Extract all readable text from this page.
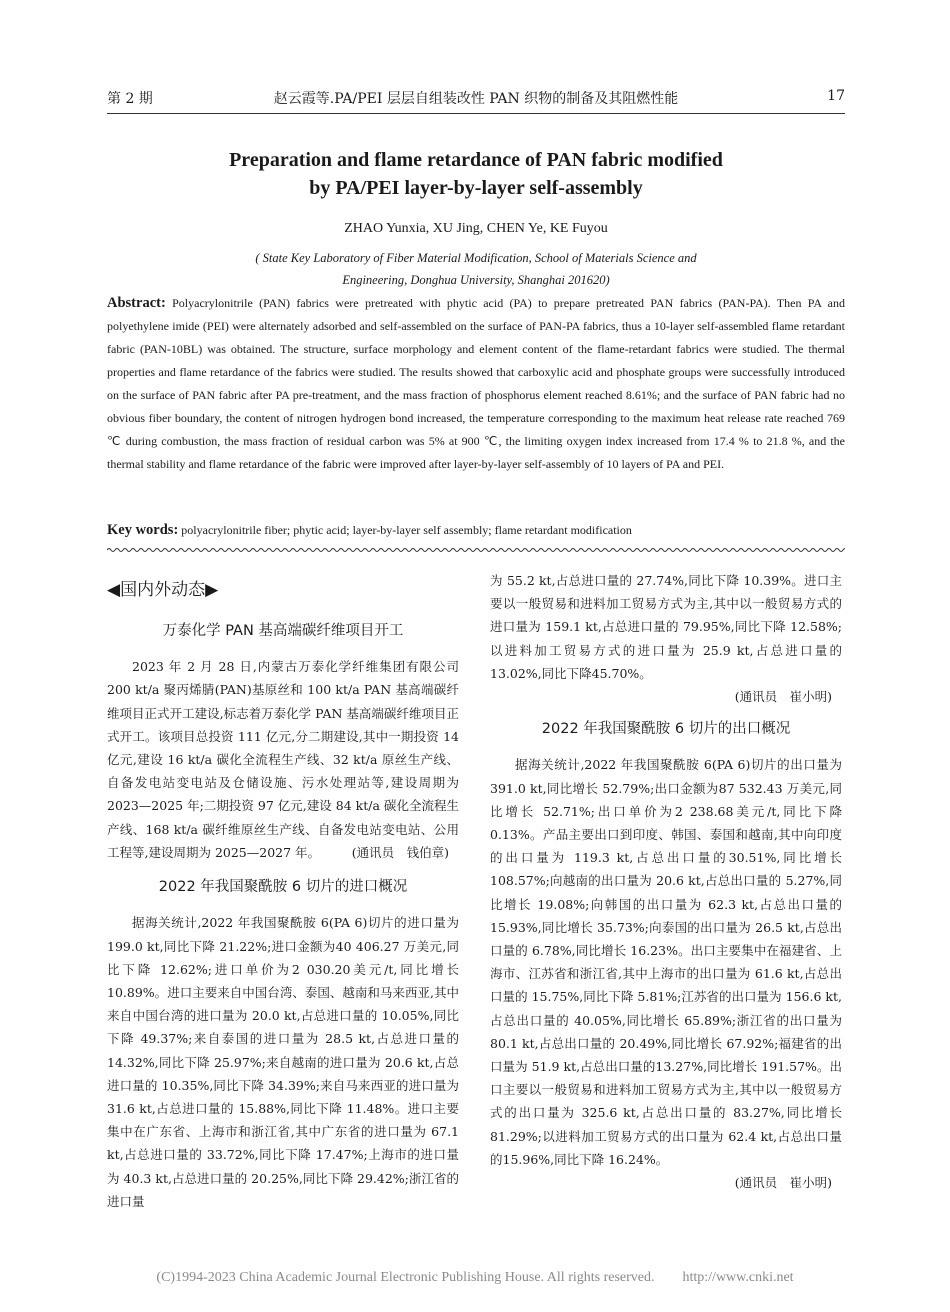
第 2 期	赵云霞等.PA/PEI 层层自组装改性 PAN 织物的制备及其阻燃性能	17
Preparation and flame retardance of PAN fabric modified
by PA/PEI layer-by-layer self-assembly
ZHAO Yunxia, XU Jing, CHEN Ye, KE Fuyou
( State Key Laboratory of Fiber Material Modification, School of Materials Science and
Engineering, Donghua University, Shanghai 201620)
Abstract: Polyacrylonitrile (PAN) fabrics were pretreated with phytic acid (PA) to prepare pretreated PAN fabrics (PAN-PA). Then PA and polyethylene imide (PEI) were alternately adsorbed and self-assembled on the surface of PAN-PA fabrics, thus a 10-layer self-assembled flame retardant fabric (PAN-10BL) was obtained. The structure, surface morphology and element content of the flame-retardant fabrics were studied. The thermal properties and flame retardance of the fabrics were studied. The results showed that carboxylic acid and phosphate groups were successfully introduced on the surface of PAN fabric after PA pre-treatment, and the mass fraction of phosphorus element reached 8.61%; and the surface of PAN fabric had no obvious fiber boundary, the content of nitrogen hydrogen bond increased, the temperature corresponding to the maximum heat release rate reached 769 ℃ during combustion, the mass fraction of residual carbon was 5% at 900 ℃, the limiting oxygen index increased from 17.4 % to 21.8 %, and the thermal stability and flame retardance of the fabric were improved after layer-by-layer self-assembly of 10 layers of PA and PEI.
Key words: polyacrylonitrile fiber; phytic acid; layer-by-layer self assembly; flame retardant modification
◀国内外动态▶
万泰化学 PAN 基高端碳纤维项目开工

2023 年 2 月 28 日,内蒙古万泰化学纤维集团有限公司 200 kt/a 聚丙烯腈(PAN)基原丝和 100 kt/a PAN 基高端碳纤维项目正式开工建设,标志着万泰化学 PAN 基高端碳纤维项目正式开工。该项目总投资 111 亿元,分二期建设,其中一期投资 14 亿元,建设 16 kt/a 碳化全流程生产线、32 kt/a 原丝生产线、自备发电站变电站及仓储设施、污水处理站等,建设周期为 2023—2025 年;二期投资 97 亿元,建设 84 kt/a 碳化全流程生产线、168 kt/a 碳纤维原丝生产线、自备发电站变电站、公用工程等,建设周期为 2025—2027 年。	(通讯员　钱伯章)

2022 年我国聚酰胺 6 切片的进口概况

据海关统计,2022 年我国聚酰胺 6(PA 6)切片的进口量为 199.0 kt,同比下降 21.22%;进口金额为40 406.27 万美元,同比下降 12.62%;进口单价为2 030.20美元/t,同比增长 10.89%。进口主要来自中国台湾、泰国、越南和马来西亚,其中来自中国台湾的进口量为 20.0 kt,占总进口量的 10.05%,同比下降 49.37%;来自泰国的进口量为 28.5 kt,占总进口量的 14.32%,同比下降 25.97%;来自越南的进口量为 20.6 kt,占总进口量的 10.35%,同比下降 34.39%;来自马来西亚的进口量为 31.6 kt,占总进口量的 15.88%,同比下降 11.48%。进口主要集中在广东省、上海市和浙江省,其中广东省的进口量为 67.1 kt,占总进口量的 33.72%,同比下降 17.47%;上海市的进口量为 40.3 kt,占总进口量的 20.25%,同比下降 29.42%;浙江省的进口量

为 55.2 kt,占总进口量的 27.74%,同比下降 10.39%。进口主要以一般贸易和进料加工贸易方式为主,其中以一般贸易方式的进口量为 159.1 kt,占总进口量的 79.95%,同比下降 12.58%;以进料加工贸易方式的进口量为 25.9 kt,占总进口量的13.02%,同比下降45.70%。

(通讯员　崔小明)

2022 年我国聚酰胺 6 切片的出口概况

据海关统计,2022 年我国聚酰胺 6(PA 6)切片的出口量为 391.0 kt,同比增长 52.79%;出口金额为87 532.43 万美元,同比增长 52.71%;出口单价为2 238.68美元/t,同比下降 0.13%。产品主要出口到印度、韩国、泰国和越南,其中向印度的出口量为 119.3 kt,占总出口量的30.51%,同比增长 108.57%;向越南的出口量为 20.6 kt,占总出口量的 5.27%,同比增长 19.08%;向韩国的出口量为 62.3 kt,占总出口量的 15.93%,同比增长 35.73%;向泰国的出口量为 26.5 kt,占总出口量的 6.78%,同比增长 16.23%。出口主要集中在福建省、上海市、江苏省和浙江省,其中上海市的出口量为 61.6 kt,占总出口量的 15.75%,同比下降 5.81%;江苏省的出口量为 156.6 kt,占总出口量的 40.05%,同比增长 65.89%;浙江省的出口量为 80.1 kt,占总出口量的 20.49%,同比增长 67.92%;福建省的出口量为 51.9 kt,占总出口量的13.27%,同比增长 191.57%。出口主要以一般贸易和进料加工贸易方式为主,其中以一般贸易方式的出口量为 325.6 kt,占总出口量的 83.27%,同比增长 81.29%;以进料加工贸易方式的出口量为 62.4 kt,占总出口量的15.96%,同比下降 16.24%。

(通讯员　崔小明)

(C)1994-2023 China Academic Journal Electronic Publishing House. All rights reserved.　　http://www.cnki.net
